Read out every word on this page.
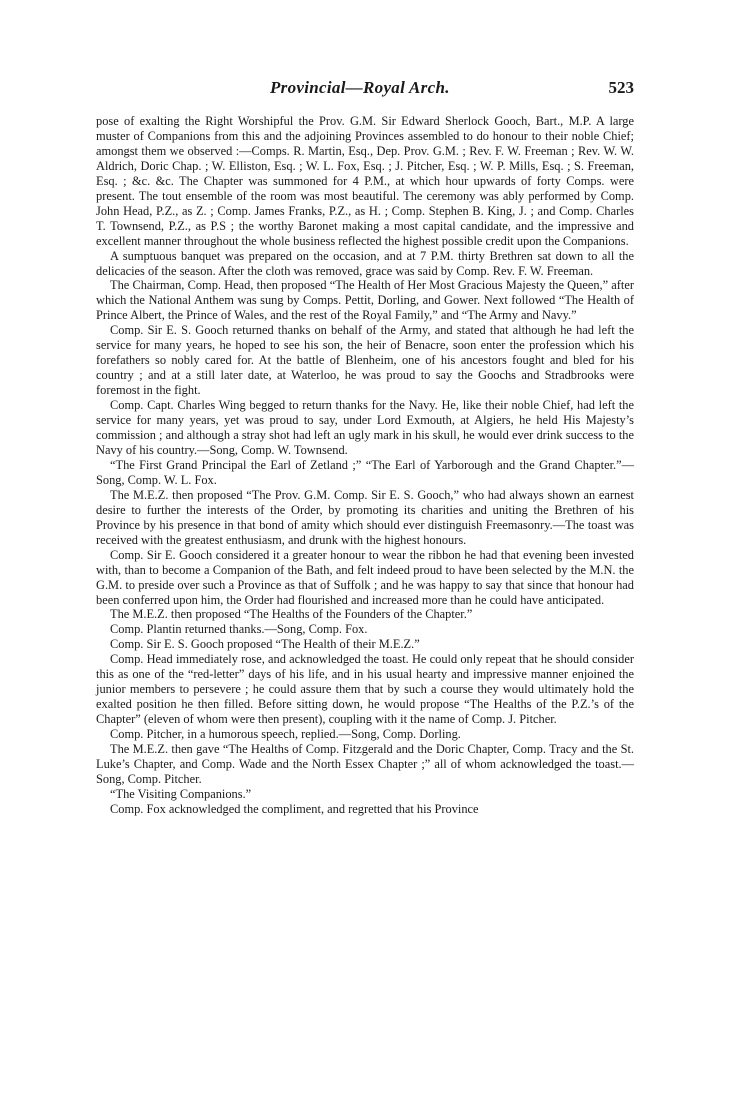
Provincial—Royal Arch.	523

pose of exalting the Right Worshipful the Prov. G.M. Sir Edward Sherlock Gooch, Bart., M.P. A large muster of Companions from this and the adjoining Provinces assembled to do honour to their noble Chief; amongst them we observed :—Comps. R. Martin, Esq., Dep. Prov. G.M. ; Rev. F. W. Freeman ; Rev. W. W. Aldrich, Doric Chap. ; W. Elliston, Esq. ; W. L. Fox, Esq. ; J. Pitcher, Esq. ; W. P. Mills, Esq. ; S. Freeman, Esq. ; &c. &c. The Chapter was summoned for 4 P.M., at which hour upwards of forty Comps. were present. The tout ensemble of the room was most beautiful. The ceremony was ably performed by Comp. John Head, P.Z., as Z. ; Comp. James Franks, P.Z., as H. ; Comp. Stephen B. King, J. ; and Comp. Charles T. Townsend, P.Z., as P.S ; the worthy Baronet making a most capital candidate, and the impressive and excellent manner throughout the whole business reflected the highest possible credit upon the Companions.

A sumptuous banquet was prepared on the occasion, and at 7 P.M. thirty Brethren sat down to all the delicacies of the season. After the cloth was removed, grace was said by Comp. Rev. F. W. Freeman.

The Chairman, Comp. Head, then proposed “The Health of Her Most Gracious Majesty the Queen,” after which the National Anthem was sung by Comps. Pettit, Dorling, and Gower. Next followed “The Health of Prince Albert, the Prince of Wales, and the rest of the Royal Family,” and “The Army and Navy.”

Comp. Sir E. S. Gooch returned thanks on behalf of the Army, and stated that although he had left the service for many years, he hoped to see his son, the heir of Benacre, soon enter the profession which his forefathers so nobly cared for. At the battle of Blenheim, one of his ancestors fought and bled for his country ; and at a still later date, at Waterloo, he was proud to say the Goochs and Stradbrooks were foremost in the fight.

Comp. Capt. Charles Wing begged to return thanks for the Navy. He, like their noble Chief, had left the service for many years, yet was proud to say, under Lord Exmouth, at Algiers, he held His Majesty’s commission ; and although a stray shot had left an ugly mark in his skull, he would ever drink success to the Navy of his country.—Song, Comp. W. Townsend.

“The First Grand Principal the Earl of Zetland ;” “The Earl of Yarborough and the Grand Chapter.”—Song, Comp. W. L. Fox.

The M.E.Z. then proposed “The Prov. G.M. Comp. Sir E. S. Gooch,” who had always shown an earnest desire to further the interests of the Order, by promoting its charities and uniting the Brethren of his Province by his presence in that bond of amity which should ever distinguish Freemasonry.—The toast was received with the greatest enthusiasm, and drunk with the highest honours.

Comp. Sir E. Gooch considered it a greater honour to wear the ribbon he had that evening been invested with, than to become a Companion of the Bath, and felt indeed proud to have been selected by the M.N. the G.M. to preside over such a Province as that of Suffolk ; and he was happy to say that since that honour had been conferred upon him, the Order had flourished and increased more than he could have anticipated.

The M.E.Z. then proposed “The Healths of the Founders of the Chapter.”

Comp. Plantin returned thanks.—Song, Comp. Fox.

Comp. Sir E. S. Gooch proposed “The Health of their M.E.Z.”

Comp. Head immediately rose, and acknowledged the toast. He could only repeat that he should consider this as one of the “red-letter” days of his life, and in his usual hearty and impressive manner enjoined the junior members to persevere ; he could assure them that by such a course they would ultimately hold the exalted position he then filled. Before sitting down, he would propose “The Healths of the P.Z.’s of the Chapter” (eleven of whom were then present), coupling with it the name of Comp. J. Pitcher.

Comp. Pitcher, in a humorous speech, replied.—Song, Comp. Dorling.

The M.E.Z. then gave “The Healths of Comp. Fitzgerald and the Doric Chapter, Comp. Tracy and the St. Luke’s Chapter, and Comp. Wade and the North Essex Chapter ;” all of whom acknowledged the toast.—Song, Comp. Pitcher.

“The Visiting Companions.”

Comp. Fox acknowledged the compliment, and regretted that his Province
